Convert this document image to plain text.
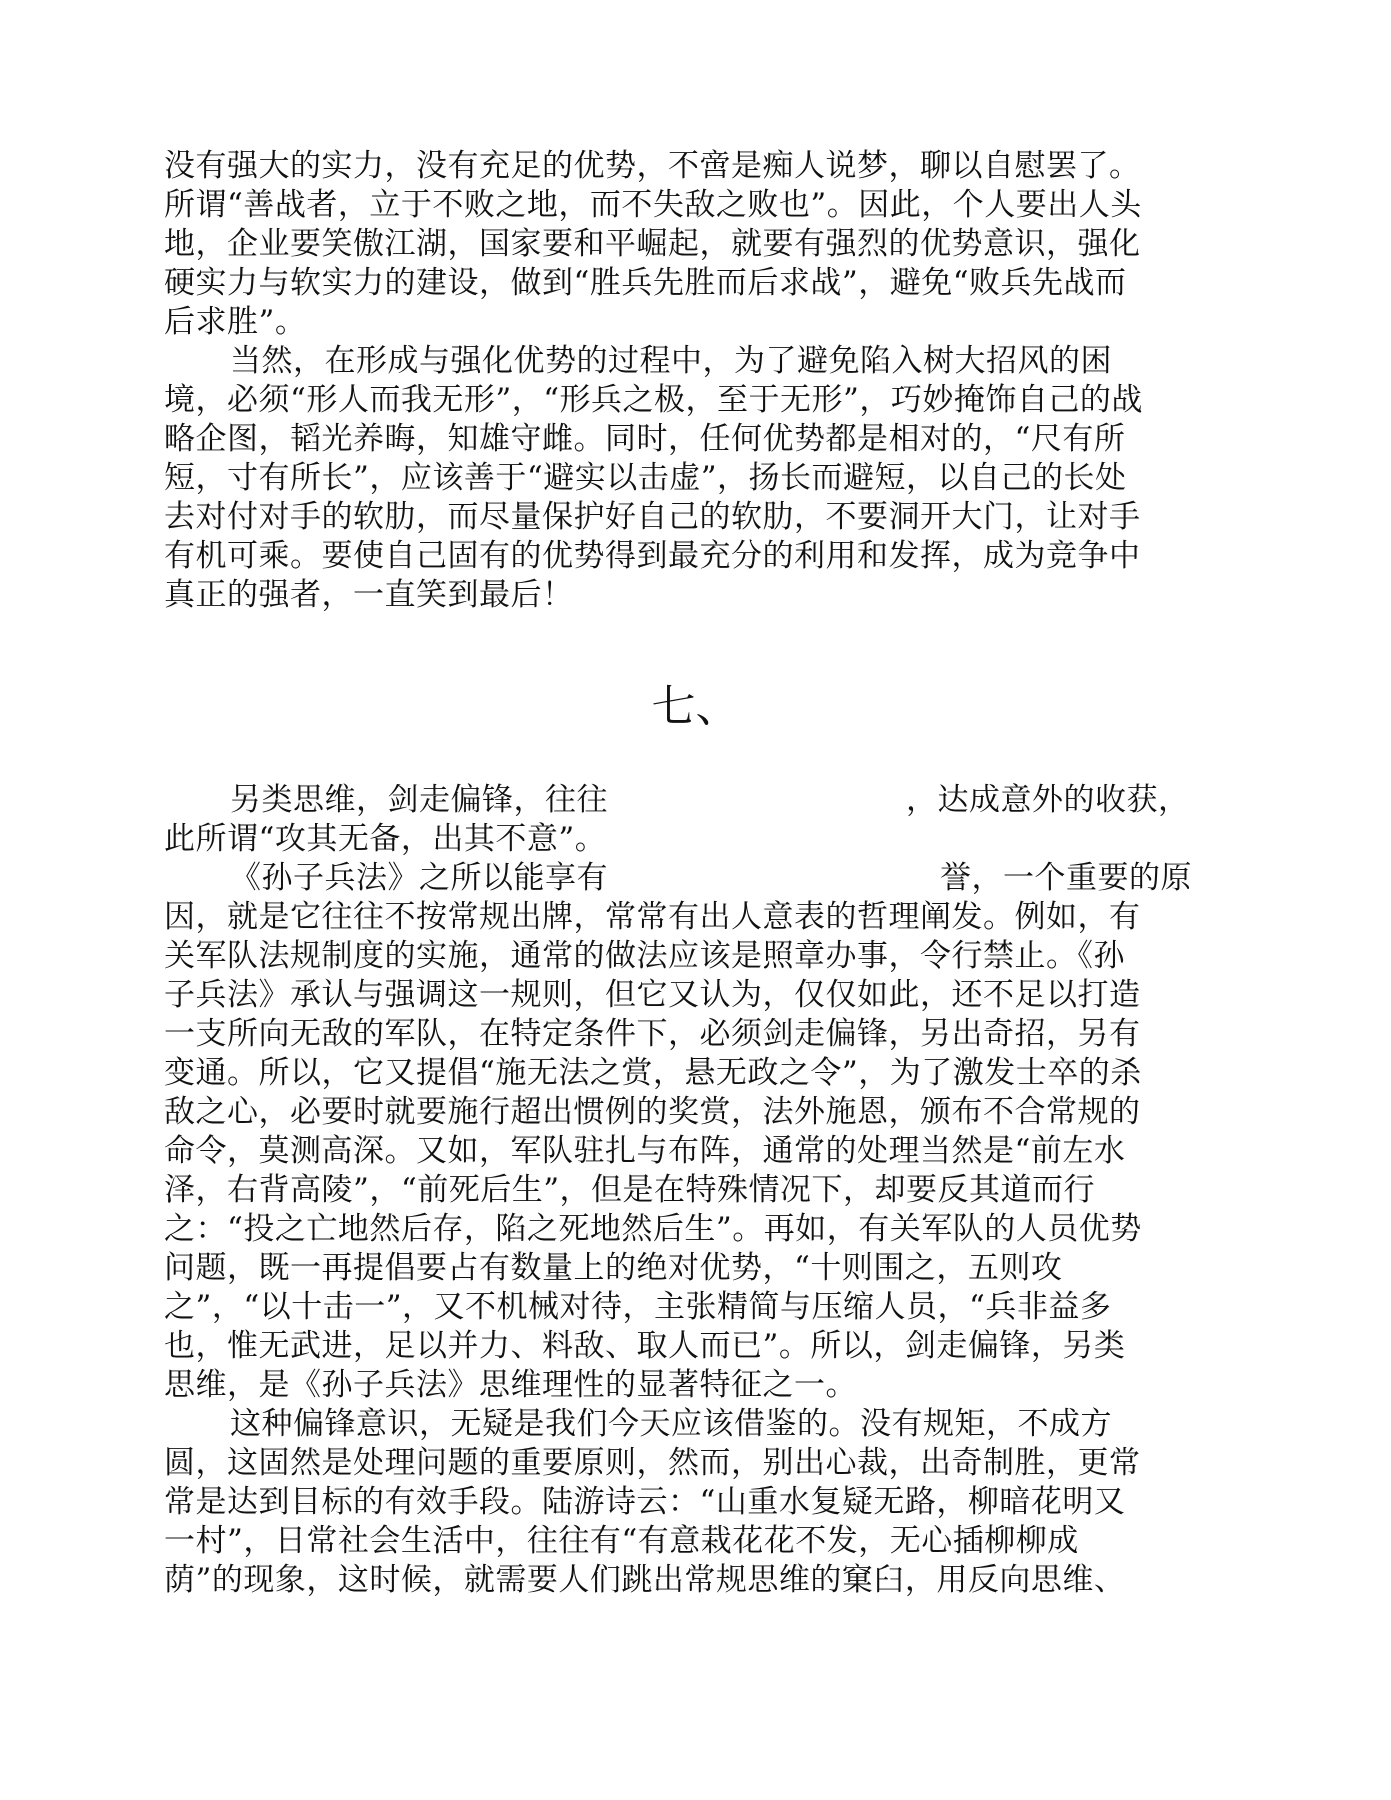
没有强大的实力，没有充足的优势，不啻是痴人说梦，聊以自慰罢了。
所谓“善战者，立于不败之地，而不失敌之败也”。因此，个人要出人头
地，企业要笑傲江湖，国家要和平崛起，就要有强烈的优势意识，强化
硬实力与软实力的建设，做到“胜兵先胜而后求战”，避免“败兵先战而
后求胜”。
当然，在形成与强化优势的过程中，为了避免陷入树大招风的困
境，必须“形人而我无形”，“形兵之极，至于无形”，巧妙掩饰自己的战
略企图，韬光养晦，知雄守雌。同时，任何优势都是相对的，“尺有所
短，寸有所长”，应该善于“避实以击虚”，扬长而避短，以自己的长处
去对付对手的软肋，而尽量保护好自己的软肋，不要洞开大门，让对手
有机可乘。要使自己固有的优势得到最充分的利用和发挥，成为竞争中
真正的强者，一直笑到最后！
七、
另类思维，剑走偏锋，往往	，达成意外的收获，
此所谓“攻其无备，出其不意”。
《孙子兵法》之所以能享有	誉，一个重要的原
因，就是它往往不按常规出牌，常常有出人意表的哲理阐发。例如，有
关军队法规制度的实施，通常的做法应该是照章办事，令行禁止。《孙
子兵法》承认与强调这一规则，但它又认为，仅仅如此，还不足以打造
一支所向无敌的军队，在特定条件下，必须剑走偏锋，另出奇招，另有
变通。所以，它又提倡“施无法之赏，悬无政之令”，为了激发士卒的杀
敌之心，必要时就要施行超出惯例的奖赏，法外施恩，颁布不合常规的
命令，莫测高深。又如，军队驻扎与布阵，通常的处理当然是“前左水
泽，右背高陵”，“前死后生”，但是在特殊情况下，却要反其道而行
之：“投之亡地然后存，陷之死地然后生”。再如，有关军队的人员优势
问题，既一再提倡要占有数量上的绝对优势，“十则围之，五则攻
之”，“以十击一”，又不机械对待，主张精简与压缩人员，“兵非益多
也，惟无武进，足以并力、料敌、取人而已”。所以，剑走偏锋，另类
思维，是《孙子兵法》思维理性的显著特征之一。
这种偏锋意识，无疑是我们今天应该借鉴的。没有规矩，不成方
圆，这固然是处理问题的重要原则，然而，别出心裁，出奇制胜，更常
常是达到目标的有效手段。陆游诗云：“山重水复疑无路，柳暗花明又
一村”，日常社会生活中，往往有“有意栽花花不发，无心插柳柳成
荫”的现象，这时候，就需要人们跳出常规思维的窠臼，用反向思维、
